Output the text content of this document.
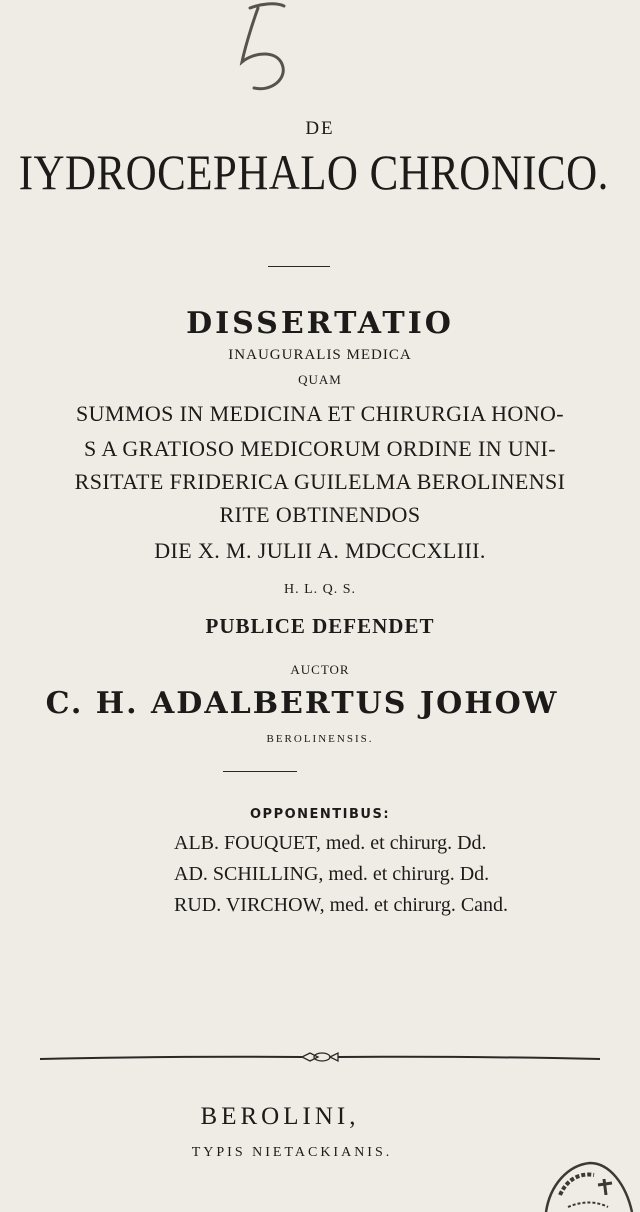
DE
IYDROCEPHALO CHRONICO.
DISSERTATIO
INAUGURALIS MEDICA
QUAM
SUMMOS IN MEDICINA ET CHIRURGIA HONO-
S A GRATIOSO MEDICORUM ORDINE IN UNI-
RSITATE FRIDERICA GUILELMA BEROLINENSI
RITE OBTINENDOS
DIE X. M. JULII A. MDCCCXLIII.
H. L. Q. S.
PUBLICE DEFENDET
AUCTOR
C. H. ADALBERTUS JOHOW
BEROLINENSIS.
OPPONENTIBUS:
ALB. FOUQUET, med. et chirurg. Dd.
AD. SCHILLING, med. et chirurg. Dd.
RUD. VIRCHOW, med. et chirurg. Cand.
BEROLINI,
TYPIS NIETACKIANIS.
